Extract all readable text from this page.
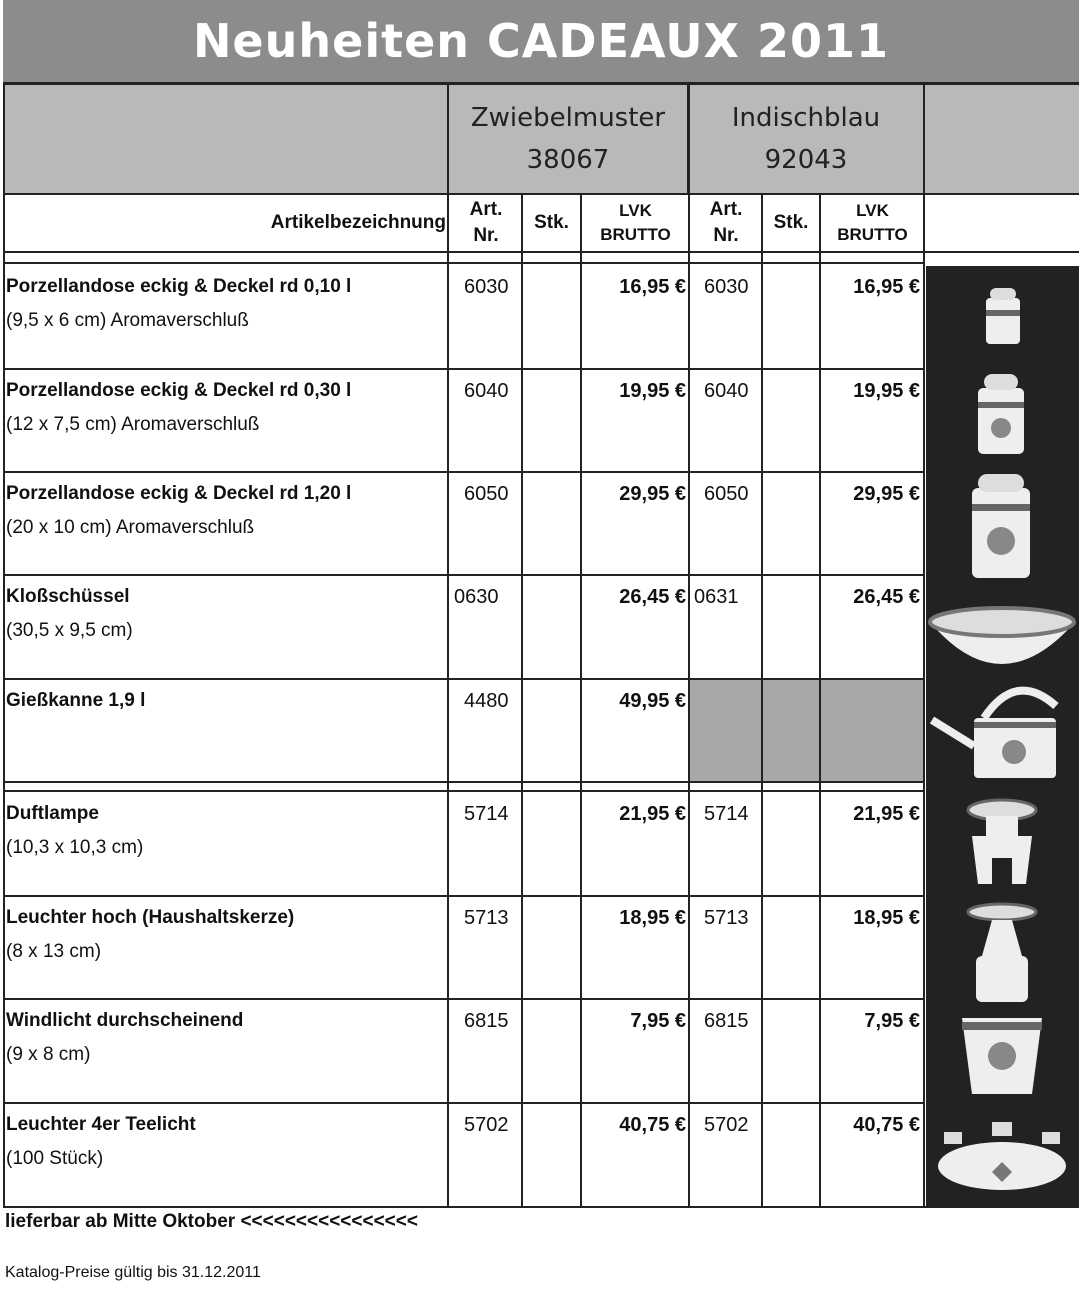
Neuheiten CADEAUX 2011
Zwiebelmuster
38067
Indischblau
92043
Artikelbezeichnung
Art.
Nr.
Stk.
LVK
BRUTTO
Art.
Nr.
Stk.
LVK
BRUTTO
Porzellandose eckig & Deckel rd 0,10 l
(9,5 x 6 cm) Aromaverschluß
6030	16,95 € 6030	16,95 €
Porzellandose eckig & Deckel rd 0,30 l
(12 x 7,5 cm) Aromaverschluß
6040	19,95 € 6040	19,95 €
Porzellandose eckig & Deckel rd 1,20 l
(20 x 10 cm) Aromaverschluß
6050	29,95 € 6050	29,95 €
Kloßschüssel
(30,5 x 9,5 cm)
0630	26,45 € 0631	26,45 €
Gießkanne 1,9 l	4480	49,95 €
Duftlampe
(10,3 x 10,3 cm)
5714	21,95 € 5714	21,95 €
Leuchter hoch (Haushaltskerze)
(8 x 13 cm)
5713	18,95 € 5713	18,95 €
Windlicht durchscheinend
(9 x 8 cm)
6815	7,95 € 6815	7,95 €
Leuchter 4er Teelicht
(100 Stück)
5702	40,75 € 5702	40,75 €
lieferbar ab Mitte Oktober <<<<<<<<<<<<<<<<
Katalog-Preise gültig bis 31.12.2011
